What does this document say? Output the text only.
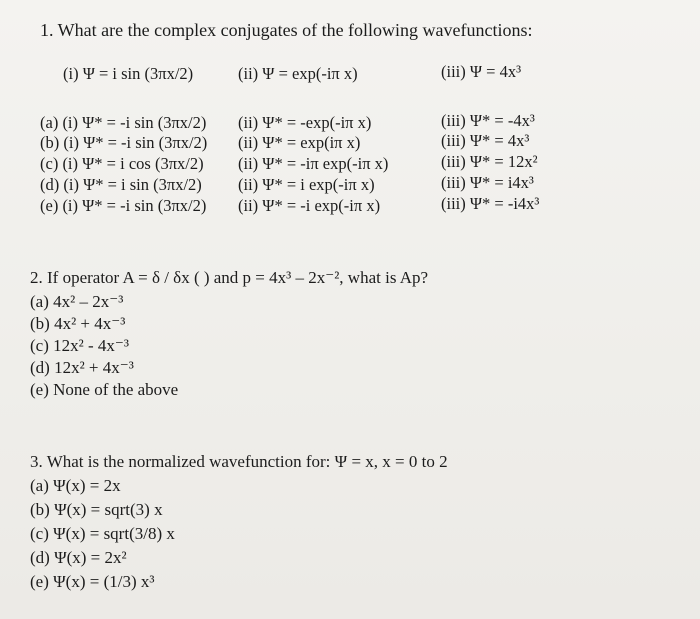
1. What are the complex conjugates of the following wavefunctions:
(i) Ψ = i sin (3πx/2)	(ii) Ψ = exp(-iπ x)	(iii) Ψ = 4x³
(a) (i) Ψ* = -i sin (3πx/2) (ii) Ψ* = -exp(-iπ x)	(iii) Ψ* = -4x³
(b) (i) Ψ* = -i sin (3πx/2) (ii) Ψ* = exp(iπ x)	(iii) Ψ* = 4x³
(c) (i) Ψ* = i cos (3πx/2) (ii) Ψ* = -iπ exp(-iπ x)	(iii) Ψ* = 12x²
(d) (i) Ψ* = i sin (3πx/2) (ii) Ψ* = i exp(-iπ x)	(iii) Ψ* = i4x³
(e) (i) Ψ* = -i sin (3πx/2) (ii) Ψ* = -i exp(-iπ x)	(iii) Ψ* = -i4x³
2. If operator A = δ / δx ( ) and p = 4x³ – 2x⁻², what is Ap?
(a) 4x² – 2x⁻³
(b) 4x² + 4x⁻³
(c) 12x² - 4x⁻³
(d) 12x² + 4x⁻³
(e) None of the above
3. What is the normalized wavefunction for: Ψ = x, x = 0 to 2
(a) Ψ(x) = 2x
(b) Ψ(x) = sqrt(3) x
(c) Ψ(x) = sqrt(3/8) x
(d) Ψ(x) = 2x²
(e) Ψ(x) = (1/3) x³
